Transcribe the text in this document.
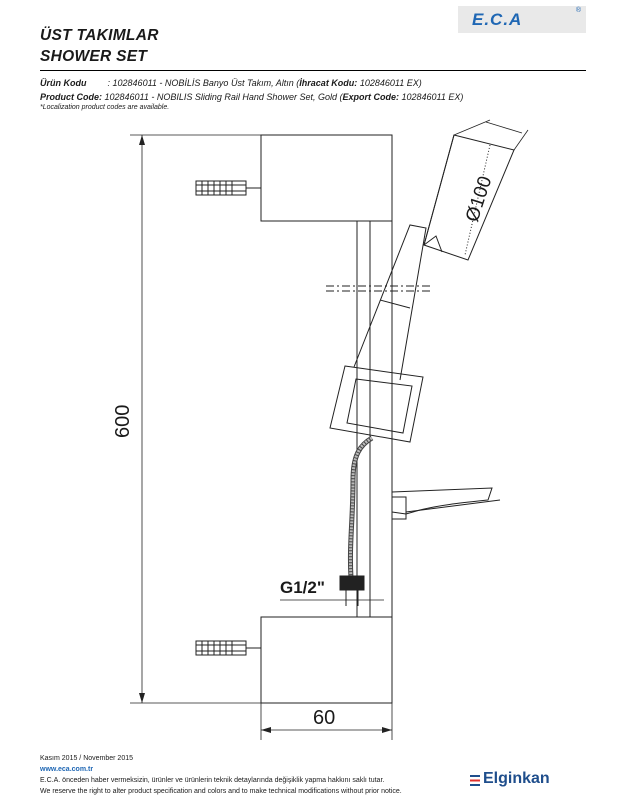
E.C.A	®
ÜST TAKIMLAR
SHOWER SET
Ürün Kodu : 102846011 - NOBİLİS Banyo Üst Takım, Altın (İhracat Kodu: 102846011 EX)
Product Code: 102846011 - NOBILIS Sliding Rail Hand Shower Set, Gold (Export Code: 102846011 EX)
*Localization product codes are available.
600
60
Ø100
G1/2"
Kasım 2015 / November 2015
www.eca.com.tr
E.C.A. önceden haber vermeksizin, ürünler ve ürünlerin teknik detaylarında değişiklik yapma hakkını saklı tutar.
We reserve the right to alter product specification and colors and to make technical modifications without prior notice.
Elginkan
